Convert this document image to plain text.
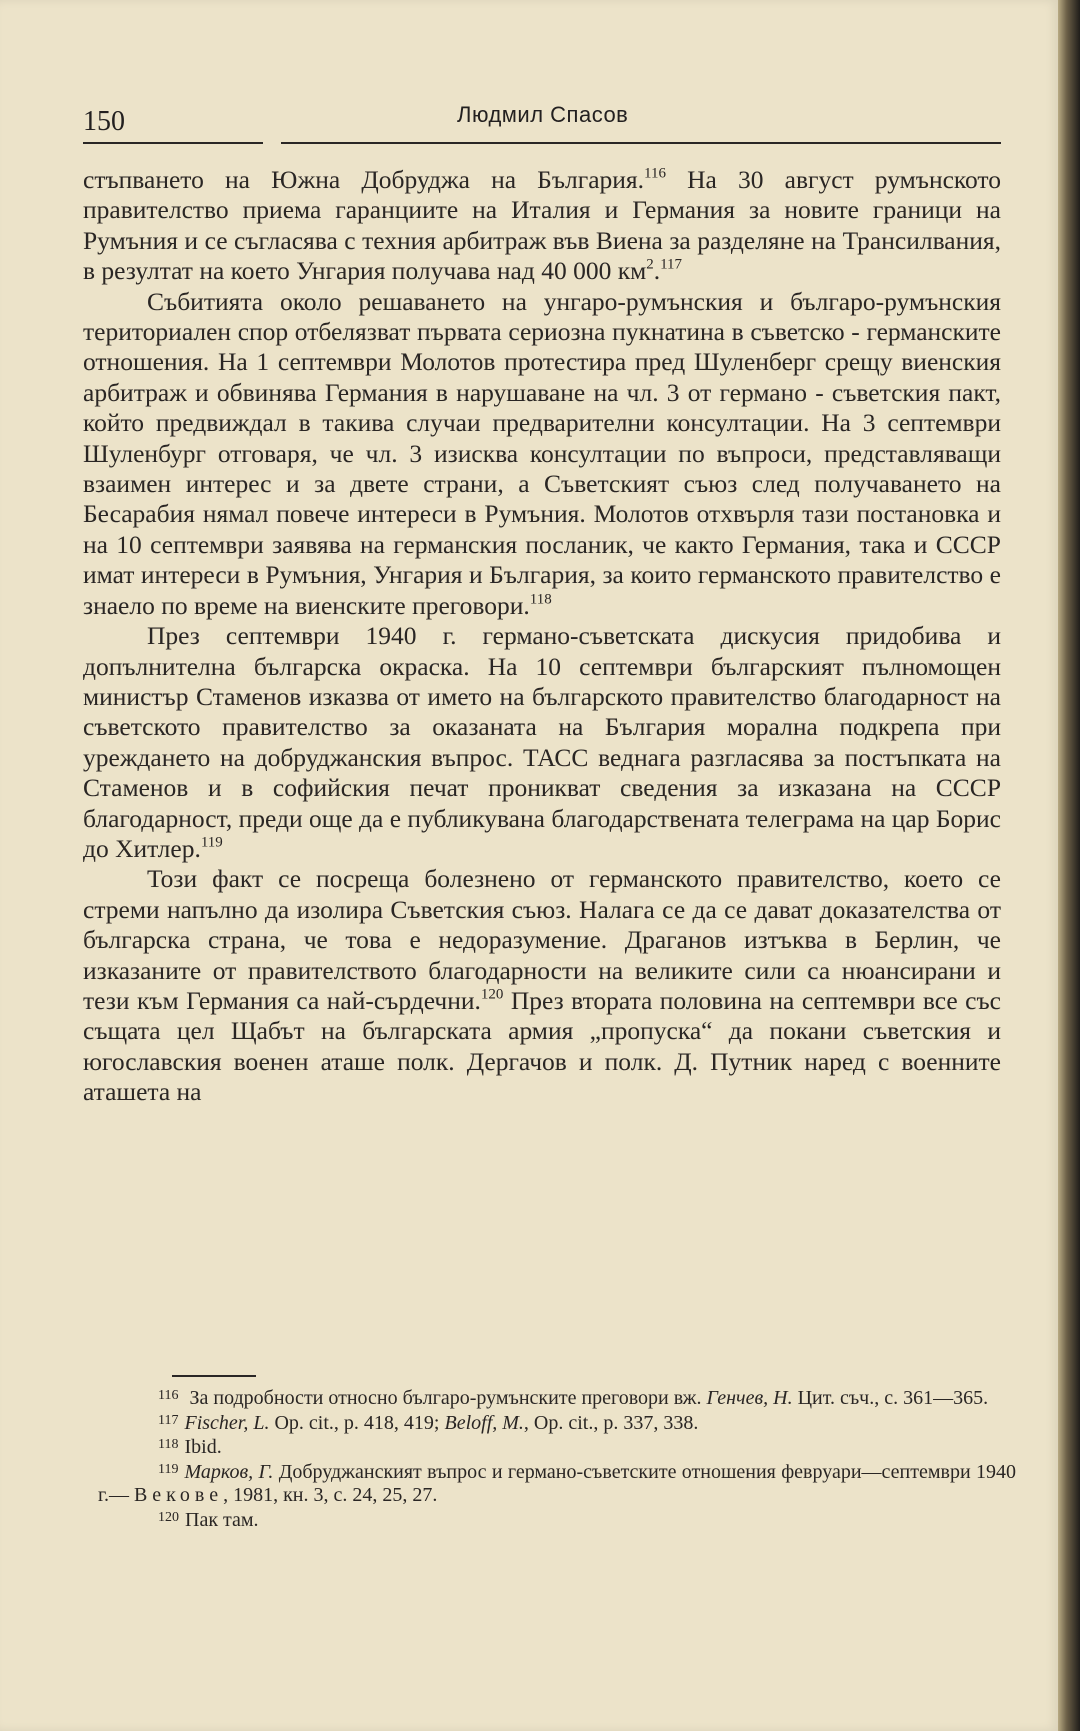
150	Людмил Спасов

стъпването на Южна Добруджа на България.$^{116}$ На 30 август румънското правителство приема гаранциите на Италия и Германия за новите граници на Румъния и се съгласява с техния арбитраж във Виена за разделяне на Трансилвания, в резултат на което Унгария получава над 40 000 $км^2.^{117}$

Събитията около решаването на унгаро-румънския и българо-румънския териториален спор отбелязват първата сериозна пукнатина в съветско - германските отношения. На 1 септември Молотов протестира пред Шуленберг срещу виенския арбитраж и обвинява Германия в нарушаване на чл. 3 от германо - съветския пакт, който предвиждал в такива случаи предварителни консултации. На 3 септември Шуленбург отговаря, че чл. 3 изисква консултации по въпроси, представляващи взаимен интерес и за двете страни, а Съветският съюз след получаването на Бесарабия нямал повече интереси в Румъния. Молотов отхвърля тази постановка и на 10 септември заявява на германския посланик, че както Германия, така и СССР имат интереси в Румъния, Унгария и България, за които германското правителство е знаело по време на виенските преговори.$^{118}$

През септември 1940 г. германо-съветската дискусия придобива и допълнителна българска окраска. На 10 септември българският пълномощен министър Стаменов изказва от името на българското правителство благодарност на съветското правителство за оказаната на България морална подкрепа при уреждането на добруджанския въпрос. ТАСС веднага разгласява за постъпката на Стаменов и в софийския печат проникват сведения за изказана на СССР благодарност, преди още да е публикувана благодарствената телеграма на цар Борис до Хитлер.$^{119}$

Този факт се посреща болезнено от германското правителство, което се стреми напълно да изолира Съветския съюз. Налага се да се дават доказателства от българска страна, че това е недоразумение. Драганов изтъква в Берлин, че изказаните от правителството благодарности на великите сили са нюансирани и тези към Германия са най-сърдечни.$^{120}$ През втората половина на септември все със същата цел Щабът на българската армия „пропуска“ да покани съветския и югославския военен аташе полк. Дергачов и полк. Д. Путник наред с военните аташета на

$^{116}$ За подробности относно българо-румънските преговори вж. Генчев, Н. Цит. съч., с. 361—365.

$^{117}$ Fischer, L. Op. cit., p. 418, 419; Beloff, M., Op. cit., p. 337, 338.

$^{118}$ Ibid.

$^{119}$ Марков, Г. Добруджанският въпрос и германо-съветските отношения февруари—септември 1940 г.— Векове, 1981, кн. 3, с. 24, 25, 27.

$^{120}$ Пак там.
